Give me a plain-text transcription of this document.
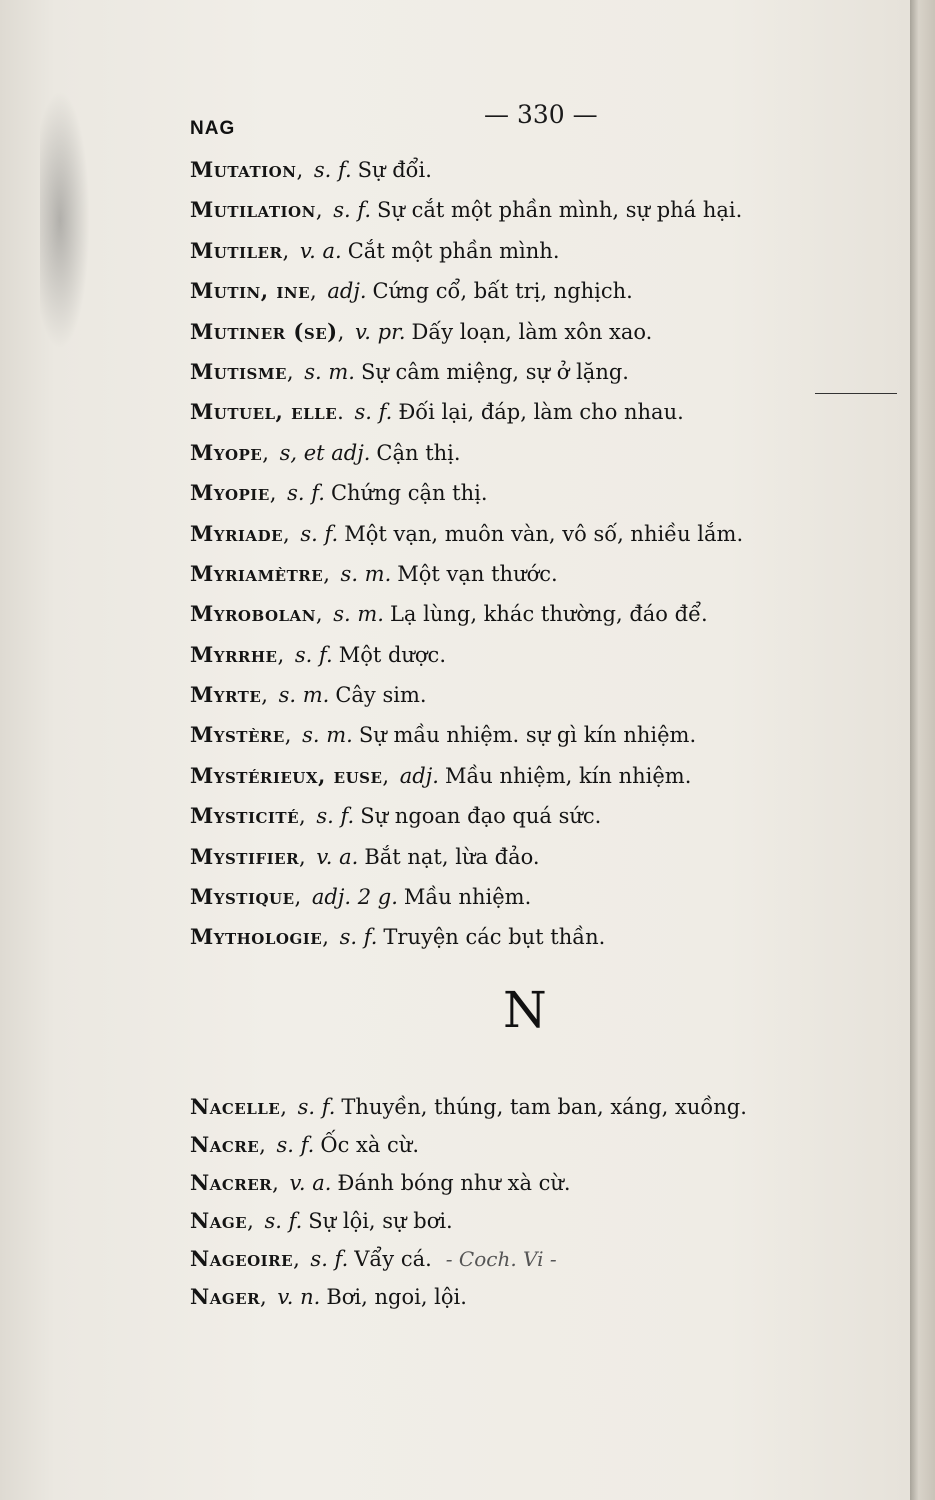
NAG	— 330 —
Mutation, s. f. Sự đổi.
Mutilation, s. f. Sự cắt một phần mình, sự phá hại.
Mutiler, v. a. Cắt một phần mình.
Mutin, ine, adj. Cứng cổ, bất trị, nghịch.
Mutiner (se), v. pr. Dấy loạn, làm xôn xao.
Mutisme, s. m. Sự câm miệng, sự ở lặng.
Mutuel, elle. s. f. Đối lại, đáp, làm cho nhau.
Myope, s, et adj. Cận thị.
Myopie, s. f. Chứng cận thị.
Myriade, s. f. Một vạn, muôn vàn, vô số, nhiều lắm.
Myriamètre, s. m. Một vạn thước.
Myrobolan, s. m. Lạ lùng, khác thường, đáo để.
Myrrhe, s. f. Một dược.
Myrte, s. m. Cây sim.
Mystère, s. m. Sự mầu nhiệm. sự gì kín nhiệm.
Mystérieux, euse, adj. Mầu nhiệm, kín nhiệm.
Mysticité, s. f. Sự ngoan đạo quá sức.
Mystifier, v. a. Bắt nạt, lừa đảo.
Mystique, adj. 2 g. Mầu nhiệm.
Mythologie, s. f. Truyện các bụt thần.
N
Nacelle, s. f. Thuyền, thúng, tam ban, xáng, xuồng.
Nacre, s. f. Ốc xà cừ.
Nacrer, v. a. Đánh bóng như xà cừ.
Nage, s. f. Sự lội, sự bơi.
Nageoire, s. f. Vẩy cá. - Coch. Vi -
Nager, v. n. Bơi, ngoi, lội.
